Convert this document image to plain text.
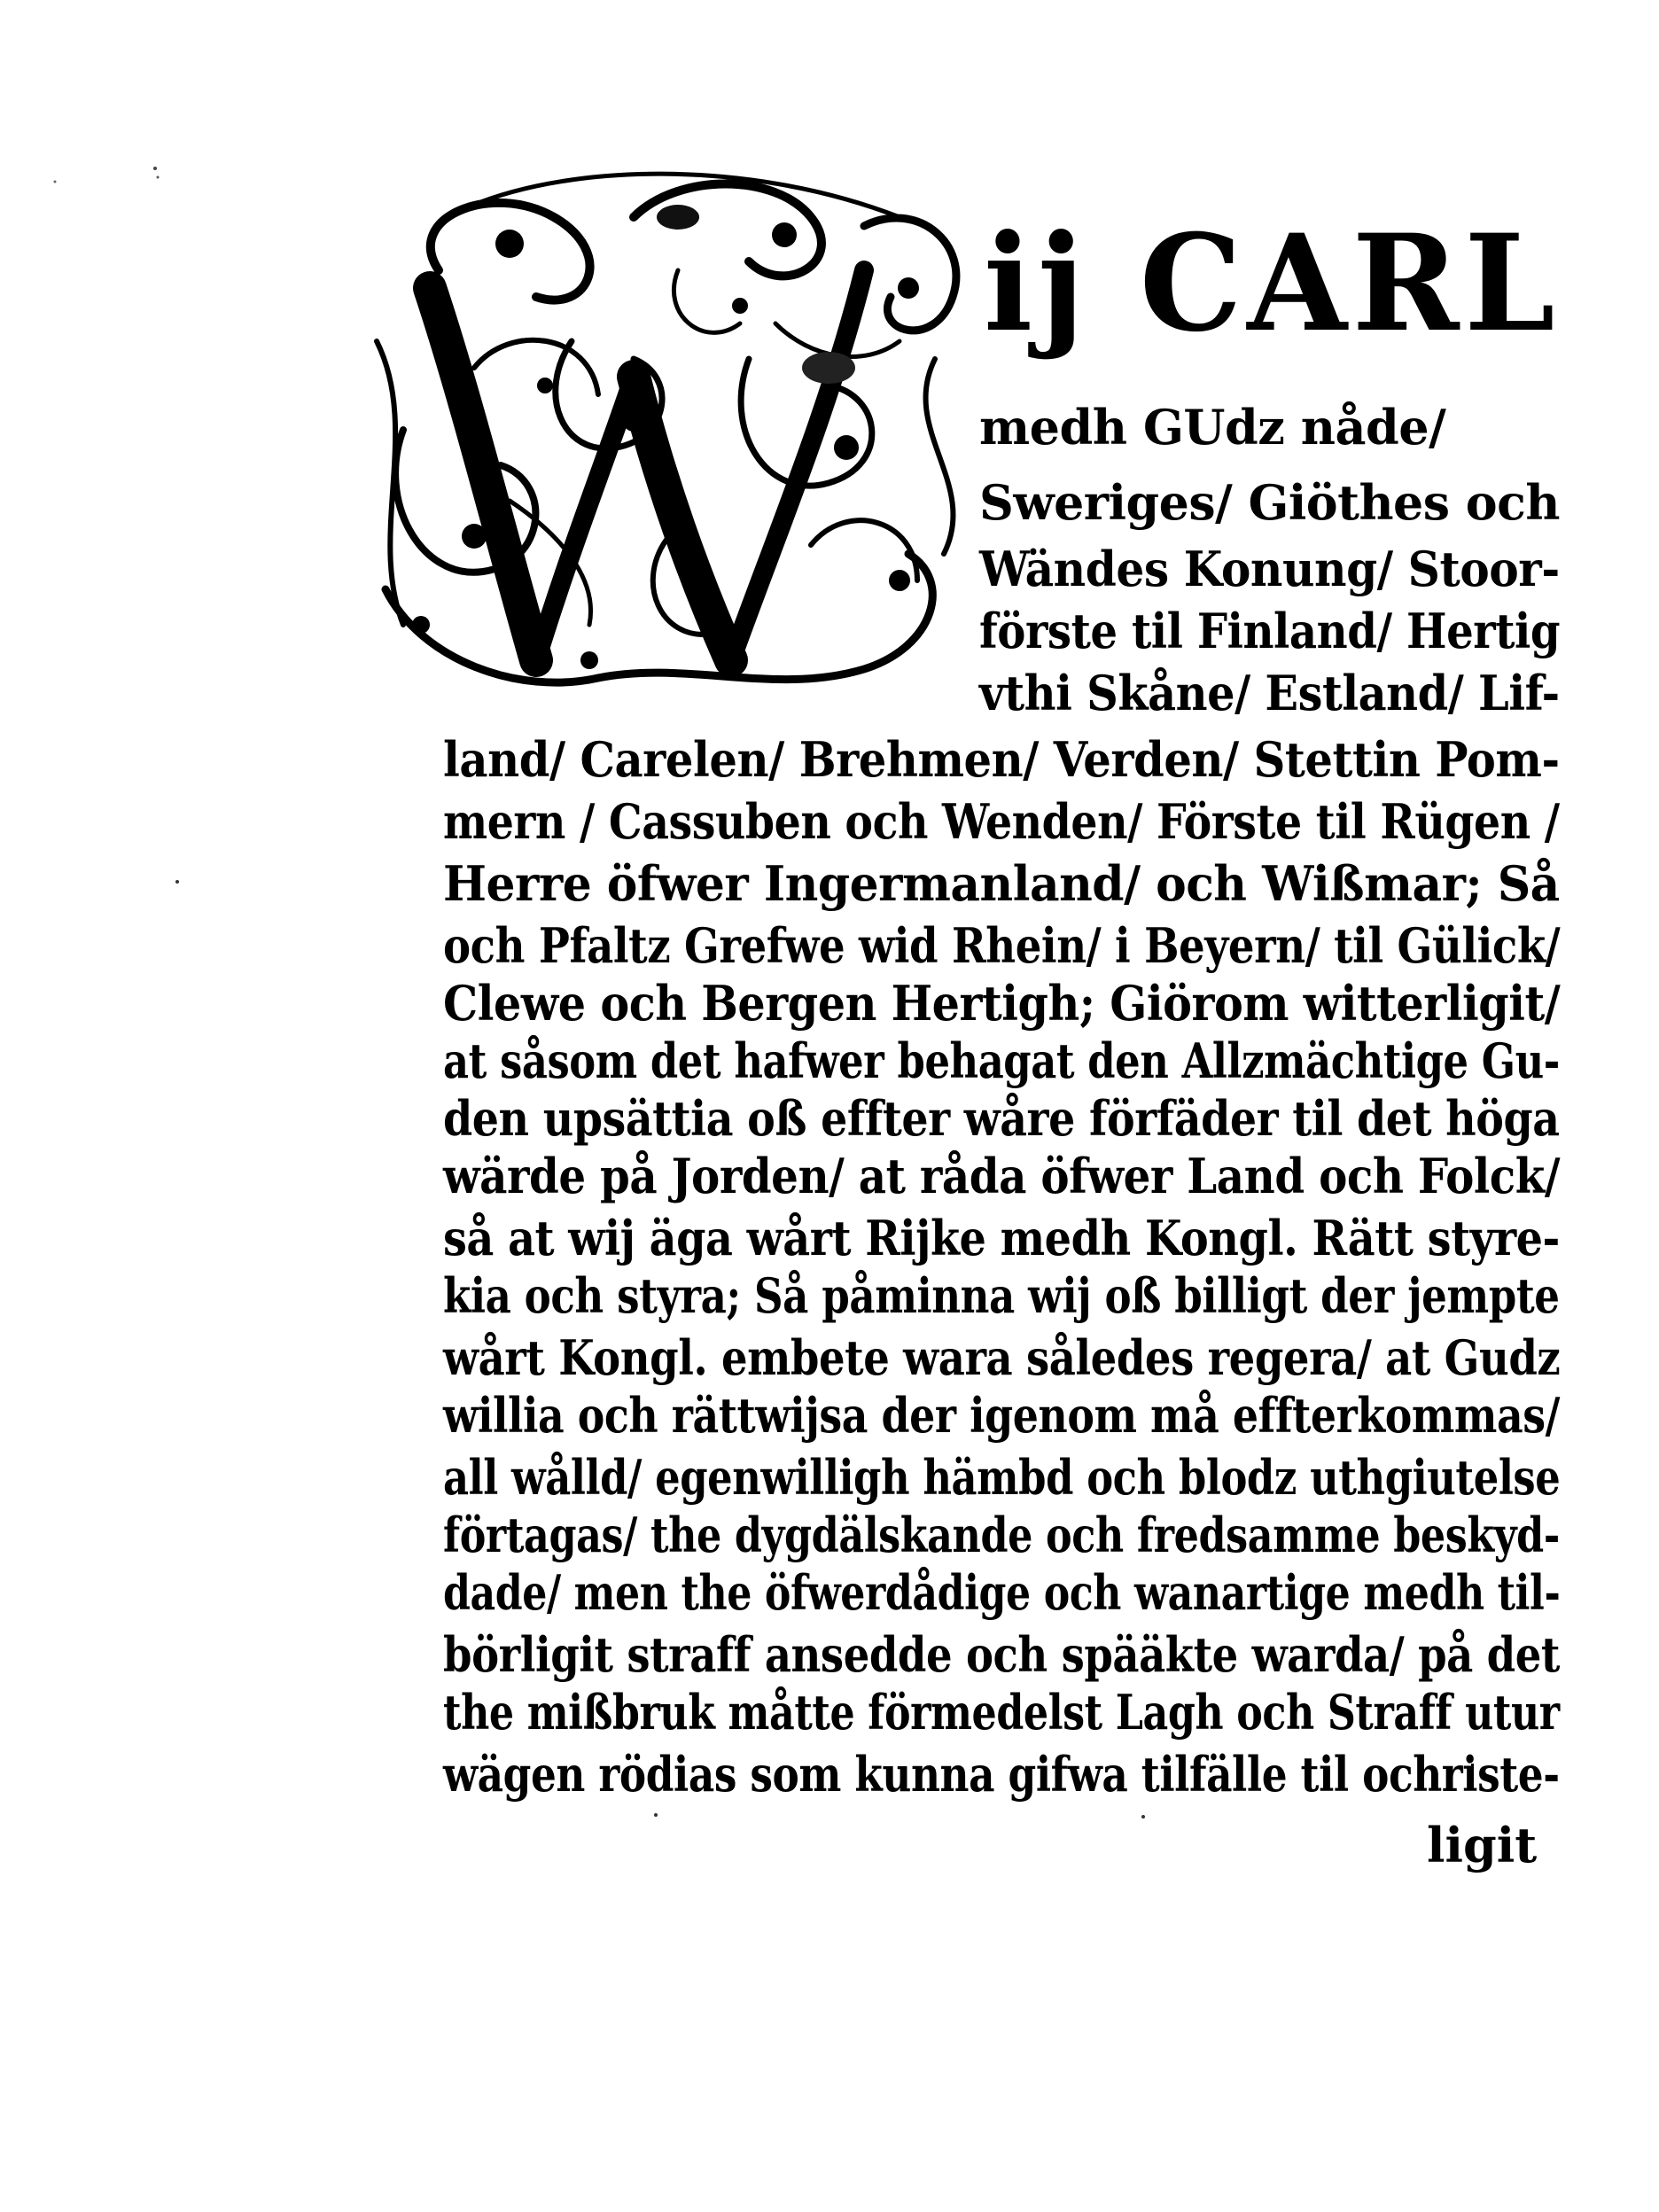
ij CARL
medh GUdz nåde/
Sweriges/ Giöthes och
Wändes Konung/ Stoor-
förste til Finland/ Hertig
vthi Skåne/ Estland/ Lif-
land/ Carelen/ Brehmen/ Verden/ Stettin Pom-
mern / Cassuben och Wenden/ Förste til Rügen /
Herre öfwer Ingermanland/ och Wißmar; Så
och Pfaltz Grefwe wid Rhein/ i Beyern/ til Gülick/
Clewe och Bergen Hertigh; Giörom witterligit/
at såsom det hafwer behagat den Allzmächtige Gu-
den upsättia oß effter wåre förfäder til det höga
wärde på Jorden/ at råda öfwer Land och Folck/
så at wij äga wårt Rijke medh Kongl. Rätt styre-
kia och styra; Så påminna wij oß billigt der jempte
wårt Kongl. embete wara således regera/ at Gudz
willia och rättwijsa der igenom må effterkommas/
all wålld/ egenwilligh hämbd och blodz uthgiutelse
förtagas/ the dygdälskande och fredsamme beskyd-
dade/ men the öfwerdådige och wanartige medh til-
börligit straff ansedde och spääkte warda/ på det
the mißbruk måtte förmedelst Lagh och Straff utur
wägen rödias som kunna gifwa tilfälle til ochriste-
ligit
